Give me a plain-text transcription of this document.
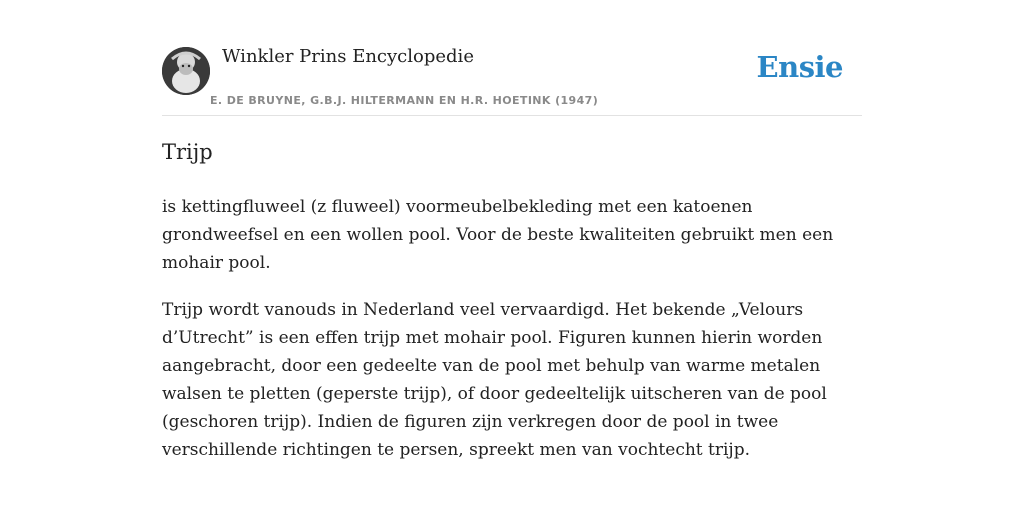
Winkler Prins Encyclopedie
E. DE BRUYNE, G.B.J. HILTERMANN EN H.R. HOETINK (1947)
Ensie
Trijp

is kettingfluweel (z fluweel) voormeubelbekleding met een katoenen grondweefsel en een wollen pool. Voor de beste kwaliteiten gebruikt men een mohair pool.

Trijp wordt vanouds in Nederland veel vervaardigd. Het bekende „Velours d’Utrecht” is een effen trijp met mohair pool. Figuren kunnen hierin worden aangebracht, door een gedeelte van de pool met behulp van warme metalen walsen te pletten (geperste trijp), of door gedeeltelijk uitscheren van de pool (geschoren trijp). Indien de figuren zijn verkregen door de pool in twee verschillende richtingen te persen, spreekt men van vochtecht trijp.
